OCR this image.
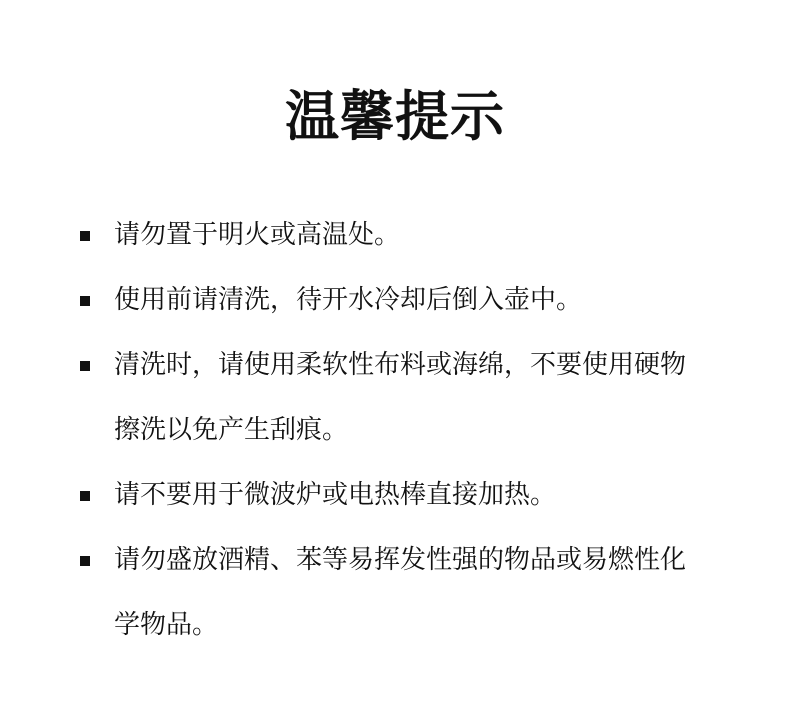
温馨提示
请勿置于明火或高温处。
使用前请清洗，待开水冷却后倒入壶中。
清洗时，请使用柔软性布料或海绵，不要使用硬物擦洗以免产生刮痕。
请不要用于微波炉或电热棒直接加热。
请勿盛放酒精、苯等易挥发性强的物品或易燃性化学物品。
